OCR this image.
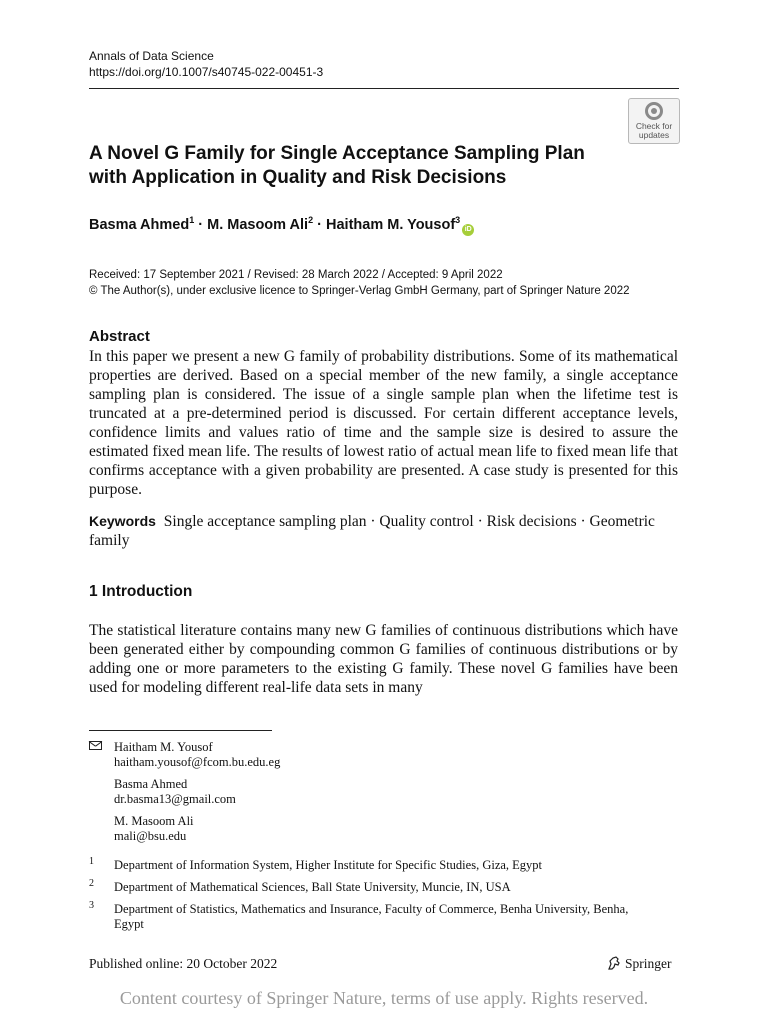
Annals of Data Science
https://doi.org/10.1007/s40745-022-00451-3
Check for
updates
A Novel G Family for Single Acceptance Sampling Plan
with Application in Quality and Risk Decisions
Basma Ahmed$^1$ · M. Masoom Ali$^2$ · Haitham M. Yousof$^3$iD
Received: 17 September 2021 / Revised: 28 March 2022 / Accepted: 9 April 2022
© The Author(s), under exclusive licence to Springer-Verlag GmbH Germany, part of Springer Nature 2022
Abstract

In this paper we present a new G family of probability distributions. Some of its mathematical properties are derived. Based on a special member of the new family, a single acceptance sampling plan is considered. The issue of a single sample plan when the lifetime test is truncated at a pre-determined period is discussed. For certain different acceptance levels, confidence limits and values ratio of time and the sample size is desired to assure the estimated fixed mean life. The results of lowest ratio of actual mean life to fixed mean life that confirms acceptance with a given probability are presented. A case study is presented for this purpose.

Keywords Single acceptance sampling plan · Quality control · Risk decisions · Geometric family
1 Introduction

The statistical literature contains many new G families of continuous distributions which have been generated either by compounding common G families of continuous distributions or by adding one or more parameters to the existing G family. These novel G families have been used for modeling different real-life data sets in many

Haitham M. Yousof
haitham.yousof@fcom.bu.edu.eg
Basma Ahmed
dr.basma13@gmail.com
M. Masoom Ali
mali@bsu.edu
1 Department of Information System, Higher Institute for Specific Studies, Giza, Egypt
2 Department of Mathematical Sciences, Ball State University, Muncie, IN, USA
3 Department of Statistics, Mathematics and Insurance, Faculty of Commerce, Benha University, Benha, Egypt
Published online: 20 October 2022	Springer
Content courtesy of Springer Nature, terms of use apply. Rights reserved.
